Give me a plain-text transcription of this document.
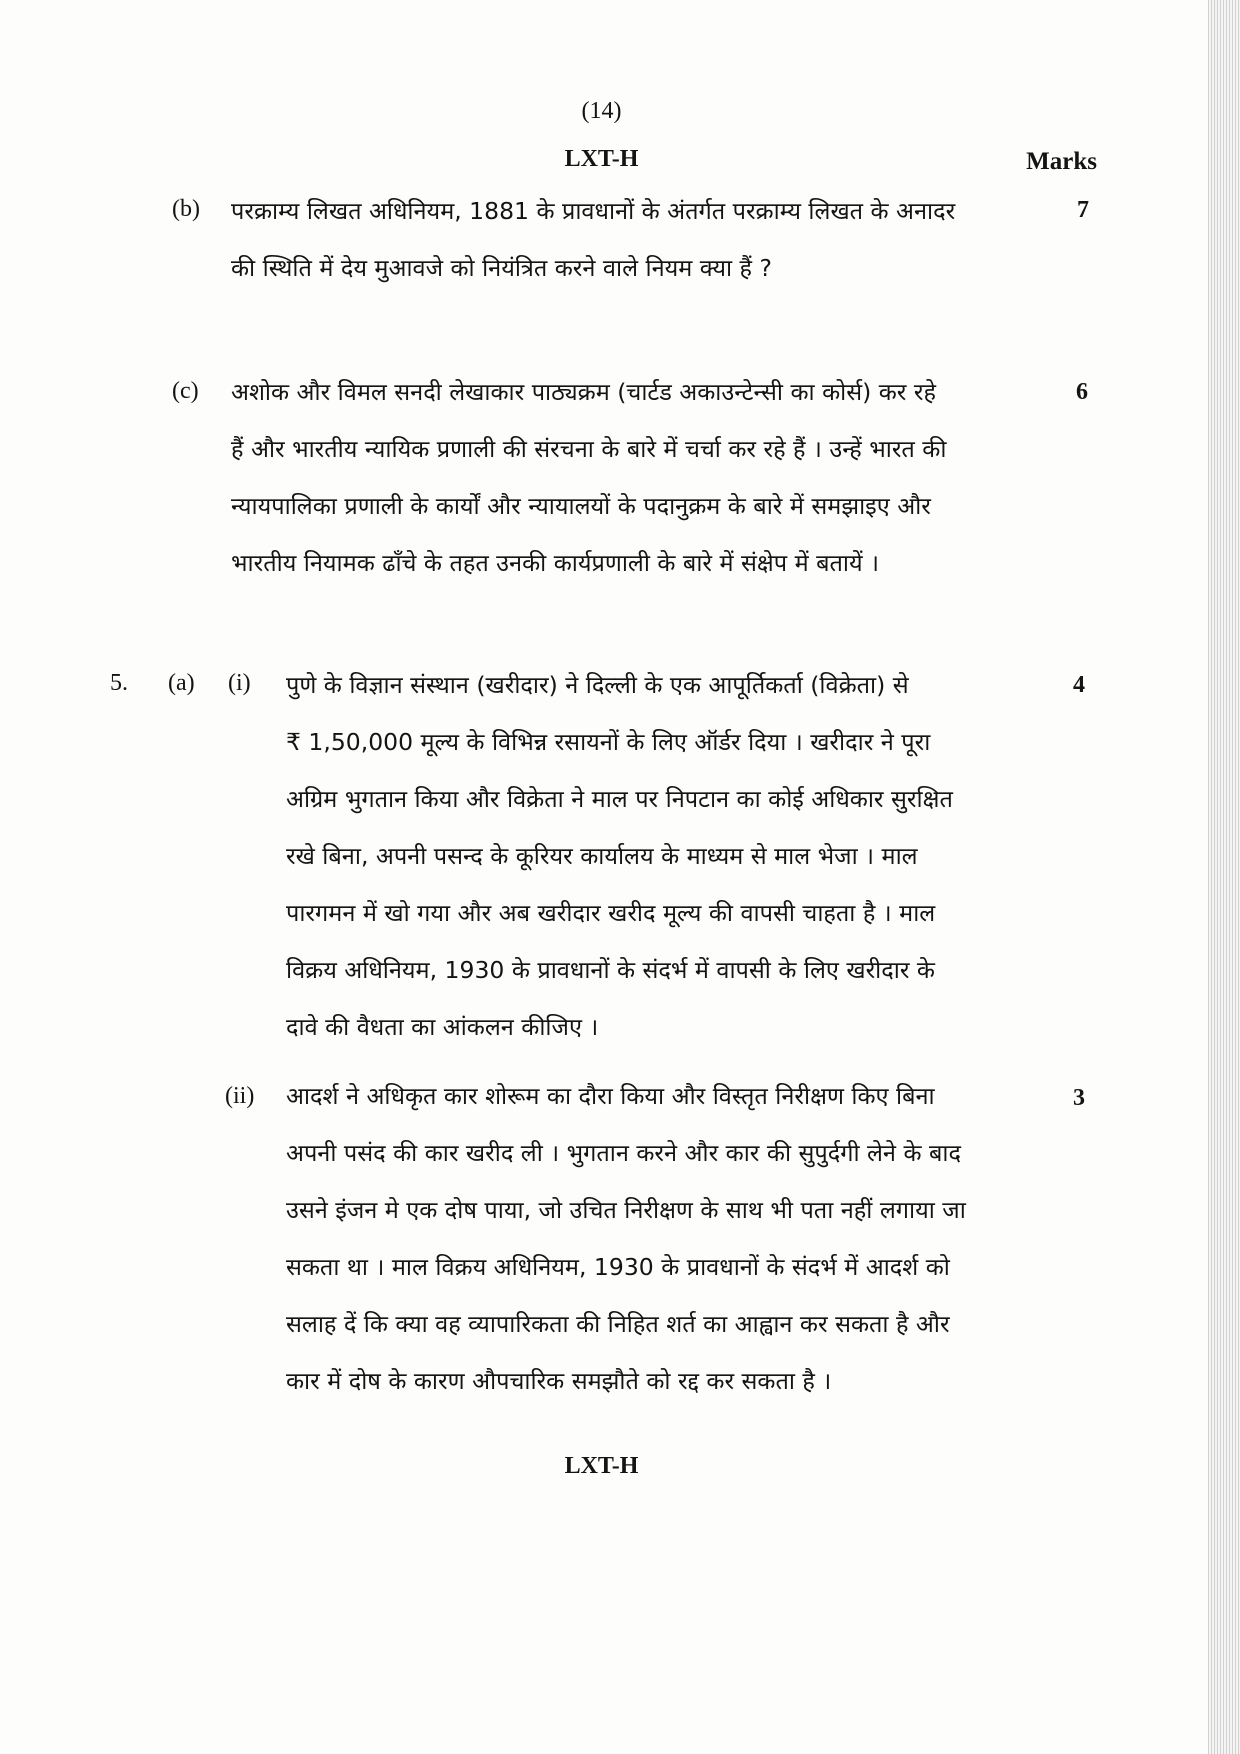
(14)
LXT-H	Marks
(b) परक्राम्य लिखत अधिनियम, 1881 के प्रावधानों के अंतर्गत परक्राम्य लिखत के अनादर
की स्थिति में देय मुआवजे को नियंत्रित करने वाले नियम क्या हैं ?
7
(c) अशोक और विमल सनदी लेखाकार पाठ्यक्रम (चार्टड अकाउन्टेन्सी का कोर्स) कर रहे
हैं और भारतीय न्यायिक प्रणाली की संरचना के बारे में चर्चा कर रहे हैं । उन्हें भारत की
न्यायपालिका प्रणाली के कार्यों और न्यायालयों के पदानुक्रम के बारे में समझाइए और
भारतीय नियामक ढाँचे के तहत उनकी कार्यप्रणाली के बारे में संक्षेप में बतायें ।
6
5. (a) (i) पुणे के विज्ञान संस्थान (खरीदार) ने दिल्ली के एक आपूर्तिकर्ता (विक्रेता) से
₹ 1,50,000 मूल्य के विभिन्न रसायनों के लिए ऑर्डर दिया । खरीदार ने पूरा
अग्रिम भुगतान किया और विक्रेता ने माल पर निपटान का कोई अधिकार सुरक्षित
रखे बिना, अपनी पसन्द के कूरियर कार्यालय के माध्यम से माल भेजा । माल
पारगमन में खो गया और अब खरीदार खरीद मूल्य की वापसी चाहता है । माल
विक्रय अधिनियम, 1930 के प्रावधानों के संदर्भ में वापसी के लिए खरीदार के
दावे की वैधता का आंकलन कीजिए ।
4
(ii) आदर्श ने अधिकृत कार शोरूम का दौरा किया और विस्तृत निरीक्षण किए बिना
अपनी पसंद की कार खरीद ली । भुगतान करने और कार की सुपुर्दगी लेने के बाद
उसने इंजन मे एक दोष पाया, जो उचित निरीक्षण के साथ भी पता नहीं लगाया जा
सकता था । माल विक्रय अधिनियम, 1930 के प्रावधानों के संदर्भ में आदर्श को
सलाह दें कि क्या वह व्यापारिकता की निहित शर्त का आह्वान कर सकता है और
कार में दोष के कारण औपचारिक समझौते को रद्द कर सकता है ।
3
LXT-H
